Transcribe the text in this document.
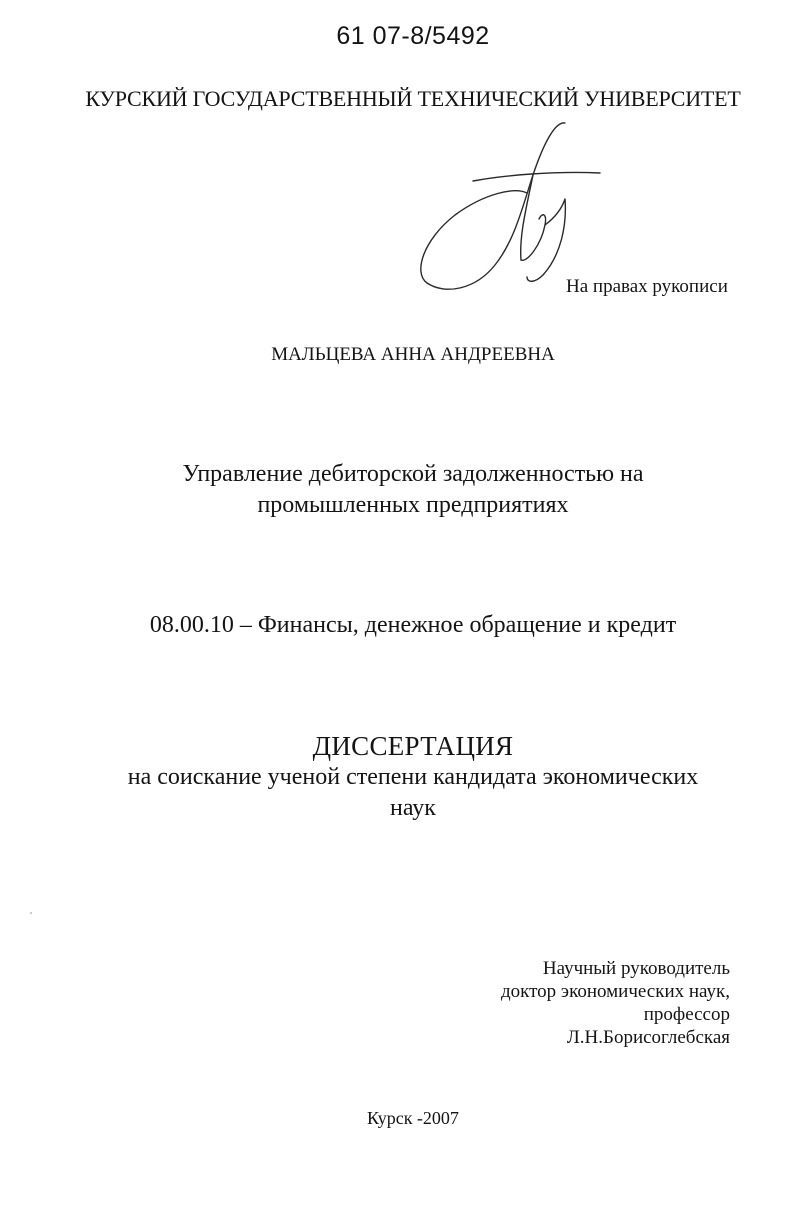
61 07-8/5492
КУРСКИЙ ГОСУДАРСТВЕННЫЙ ТЕХНИЧЕСКИЙ УНИВЕРСИТЕТ
На правах рукописи
МАЛЬЦЕВА АННА АНДРЕЕВНА
Управление дебиторской задолженностью на
промышленных предприятиях
08.00.10 – Финансы, денежное обращение и кредит
ДИССЕРТАЦИЯ
на соискание ученой степени кандидата экономических
наук
Научный руководитель
доктор экономических наук,
профессор
Л.Н.Борисоглебская
Курск -2007
